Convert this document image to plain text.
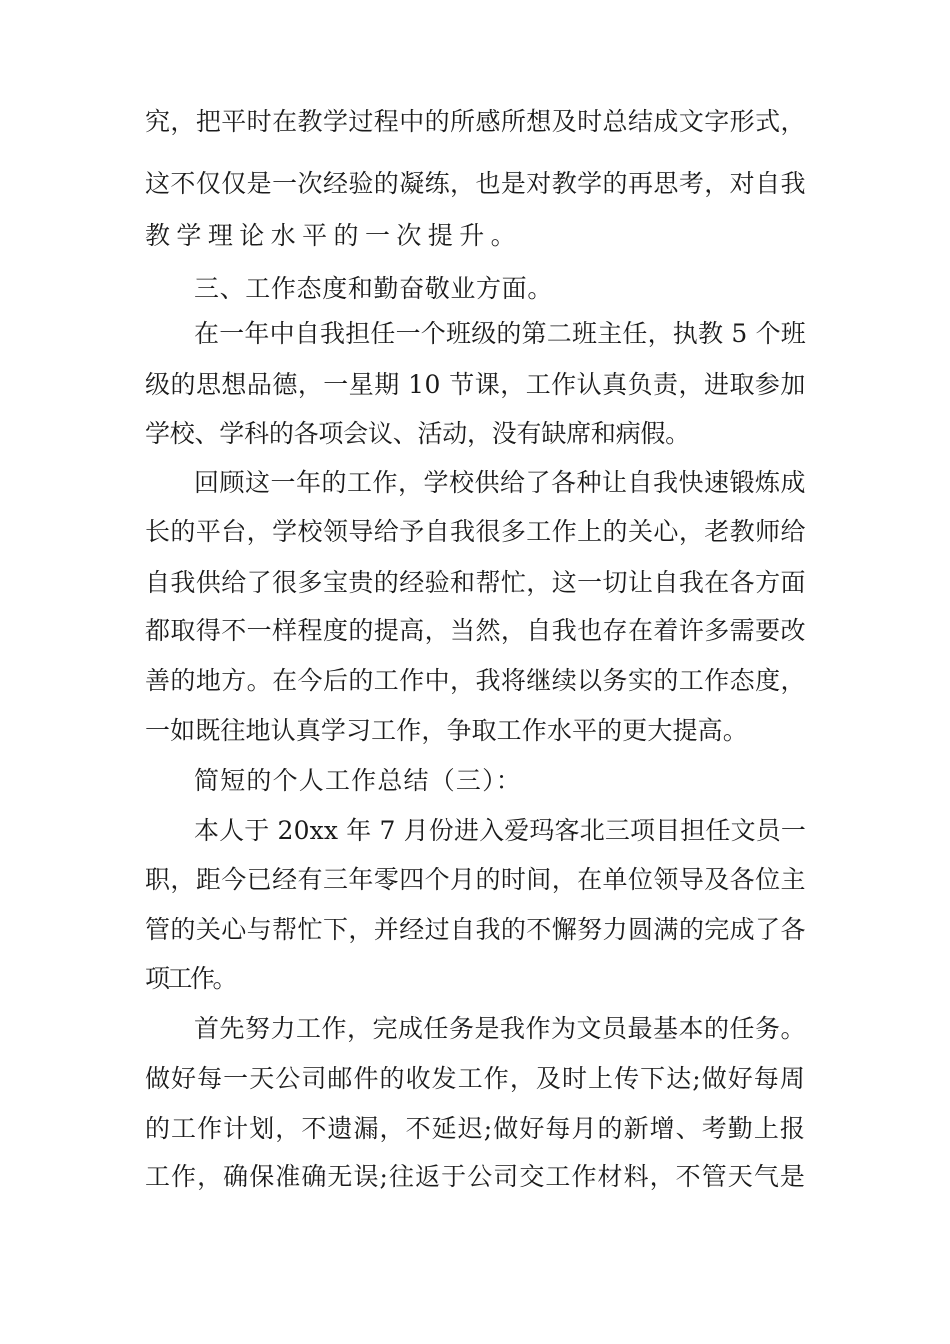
究，把平时在教学过程中的所感所想及时总结成文字形式，
这不仅仅是一次经验的凝练，也是对教学的再思考，对自我
教学理论水平的一次提升。
三、工作态度和勤奋敬业方面。
在一年中自我担任一个班级的第二班主任，执教 5 个班
级的思想品德，一星期 10 节课，工作认真负责，进取参加
学校、学科的各项会议、活动，没有缺席和病假。
回顾这一年的工作，学校供给了各种让自我快速锻炼成
长的平台，学校领导给予自我很多工作上的关心，老教师给
自我供给了很多宝贵的经验和帮忙，这一切让自我在各方面
都取得不一样程度的提高，当然，自我也存在着许多需要改
善的地方。在今后的工作中，我将继续以务实的工作态度，
一如既往地认真学习工作，争取工作水平的更大提高。
简短的个人工作总结（三）：
本人于 20xx 年 7 月份进入爱玛客北三项目担任文员一
职，距今已经有三年零四个月的时间，在单位领导及各位主
管的关心与帮忙下，并经过自我的不懈努力圆满的完成了各
项工作。
首先努力工作，完成任务是我作为文员最基本的任务。
做好每一天公司邮件的收发工作，及时上传下达;做好每周
的工作计划，不遗漏，不延迟;做好每月的新增、考勤上报
工作，确保准确无误;往返于公司交工作材料，不管天气是
